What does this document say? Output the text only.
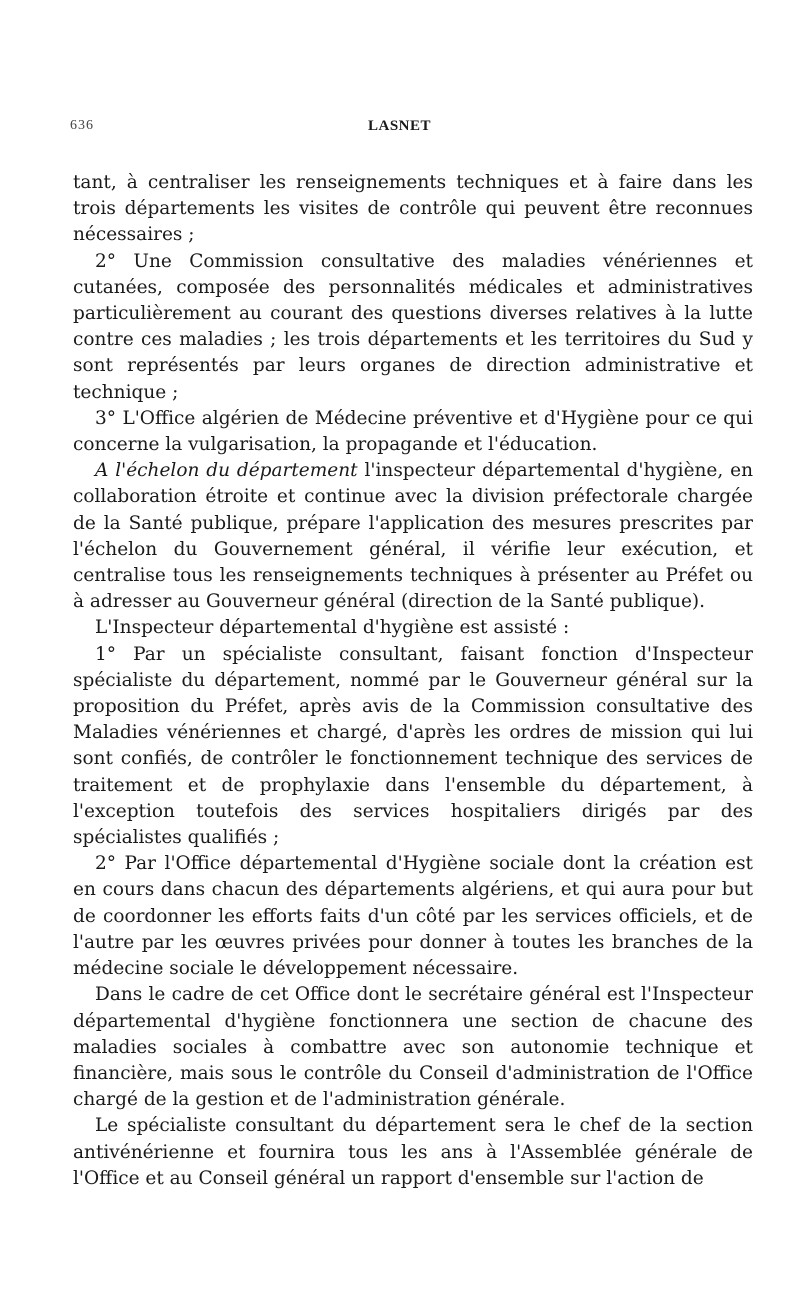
636	LASNET

tant, à centraliser les renseignements techniques et à faire dans les trois départements les visites de contrôle qui peuvent être reconnues nécessaires ;

2° Une Commission consultative des maladies vénériennes et cutanées, composée des personnalités médicales et administratives particulièrement au courant des questions diverses relatives à la lutte contre ces maladies ; les trois départements et les territoires du Sud y sont représentés par leurs organes de direction administrative et technique ;

3° L'Office algérien de Médecine préventive et d'Hygiène pour ce qui concerne la vulgarisation, la propagande et l'éducation.

A l'échelon du département l'inspecteur départemental d'hygiène, en collaboration étroite et continue avec la division préfectorale chargée de la Santé publique, prépare l'application des mesures prescrites par l'échelon du Gouvernement général, il vérifie leur exécution, et centralise tous les renseignements techniques à présenter au Préfet ou à adresser au Gouverneur général (direction de la Santé publique).

L'Inspecteur départemental d'hygiène est assisté :

1° Par un spécialiste consultant, faisant fonction d'Inspecteur spécialiste du département, nommé par le Gouverneur général sur la proposition du Préfet, après avis de la Commission consultative des Maladies vénériennes et chargé, d'après les ordres de mission qui lui sont confiés, de contrôler le fonctionnement technique des services de traitement et de prophylaxie dans l'ensemble du département, à l'exception toutefois des services hospitaliers dirigés par des spécialistes qualifiés ;

2° Par l'Office départemental d'Hygiène sociale dont la création est en cours dans chacun des départements algériens, et qui aura pour but de coordonner les efforts faits d'un côté par les services officiels, et de l'autre par les œuvres privées pour donner à toutes les branches de la médecine sociale le développement nécessaire.

Dans le cadre de cet Office dont le secrétaire général est l'Inspecteur départemental d'hygiène fonctionnera une section de chacune des maladies sociales à combattre avec son autonomie technique et financière, mais sous le contrôle du Conseil d'administration de l'Office chargé de la gestion et de l'administration générale.

Le spécialiste consultant du département sera le chef de la section antivénérienne et fournira tous les ans à l'Assemblée générale de l'Office et au Conseil général un rapport d'ensemble sur l'action de
